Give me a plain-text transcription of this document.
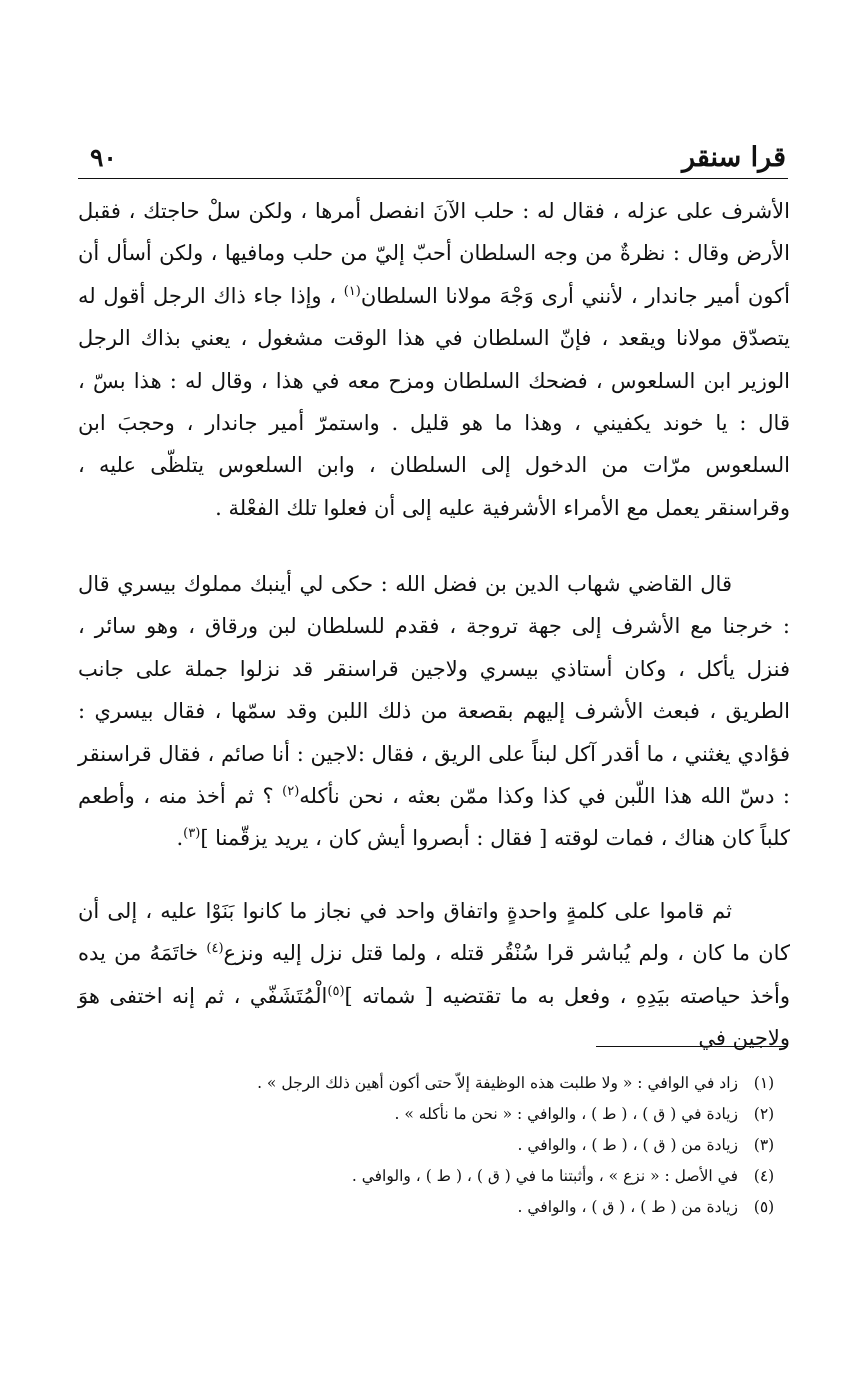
قرا سنقر
٩٠

الأشرف على عزله ، فقال له : حلب الآنَ انفصل أمرها ، ولكن سلْ حاجتك ، فقبل الأرض وقال : نظرةٌ من وجه السلطان أحبّ إليّ من حلب ومافيها ، ولكن أسأل أن أكون أمير جاندار ، لأنني أرى وَجْهَ مولانا السلطان$^{(١)}$ ، وإذا جاء ذاك الرجل أقول له يتصدّق مولانا ويقعد ، فإنّ السلطان في هذا الوقت مشغول ، يعني بذاك الرجل الوزير ابن السلعوس ، فضحك السلطان ومزح معه في هذا ، وقال له : هذا بسّ ، قال : يا خوند يكفيني ، وهذا ما هو قليل . واستمرّ أمير جاندار ، وحجبَ ابن السلعوس مرّات من الدخول إلى السلطان ، وابن السلعوس يتلظّى عليه ، وقراسنقر يعمل مع الأمراء الأشرفية عليه إلى أن فعلوا تلك الفعْلة .

قال القاضي شهاب الدين بن فضل الله : حكى لي أينبك مملوك بيسري قال : خرجنا مع الأشرف إلى جهة تروجة ، فقدم للسلطان لبن ورقاق ، وهو سائر ، فنزل يأكل ، وكان أستاذي بيسري ولاجين قراسنقر قد نزلوا جملة على جانب الطريق ، فبعث الأشرف إليهم بقصعة من ذلك اللبن وقد سمّها ، فقال بيسري : فؤادي يغثني ، ما أقدر آكل لبناً على الريق ، فقال :لاجين : أنا صائم ، فقال قراسنقر : دسّ الله هذا اللّبن في كذا وكذا ممّن بعثه ، نحن نأكله$^{(٢)}$ ؟ ثم أخذ منه ، وأطعم كلباً كان هناك ، فمات لوقته [ فقال : أبصروا أيش كان ، يريد يزقّمنا ]$^{(٣)}$.

ثم قاموا على كلمةٍ واحدةٍ واتفاق واحد في نجاز ما كانوا بَنَوْا عليه ، إلى أن كان ما كان ، ولم يُباشر قرا سُنْقُر قتله ، ولما قتل نزل إليه ونزع$^{(٤)}$ خاتَمَهُ من يده وأخذ حياصته بيَدِهِ ، وفعل به ما تقتضيه [ شماته ]$^{(٥)}$الْمُتَشَفّي ، ثم إنه اختفى هوَ ولاجين في

(١)
زاد في الوافي : « ولا طلبت هذه الوظيفة إلاّ حتى أكون أهين ذلك الرجل » .
(٢)
زيادة في ( ق ) ، ( ط ) ، والوافي : « نحن ما نأكله » .
(٣)
زيادة من ( ق ) ، ( ط ) ، والوافي .
(٤)
في الأصل : « نزع » ، وأثبتنا ما في ( ق ) ، ( ط ) ، والوافي .
(٥)
زيادة من ( ط ) ، ( ق ) ، والوافي .
